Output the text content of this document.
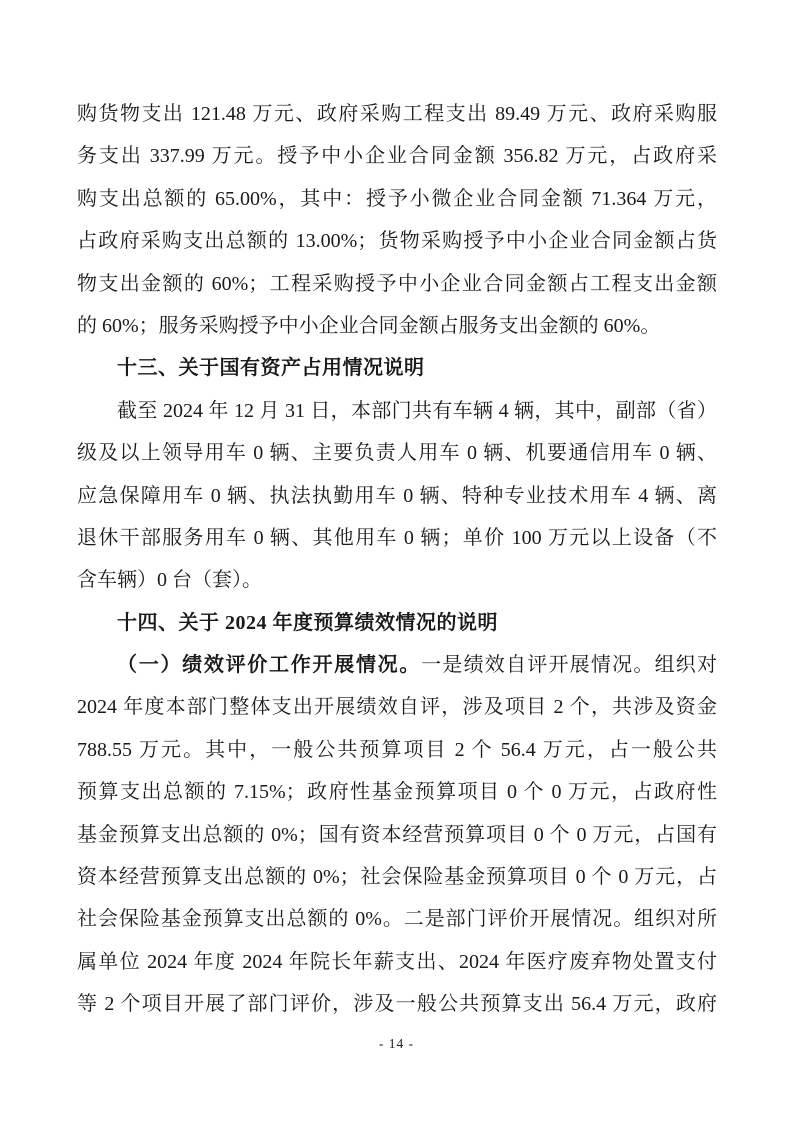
购货物支出 121.48 万元、政府采购工程支出 89.49 万元、政府采购服
务支出 337.99 万元。授予中小企业合同金额 356.82 万元，占政府采
购支出总额的 65.00%，其中：授予小微企业合同金额 71.364 万元，
占政府采购支出总额的 13.00%；货物采购授予中小企业合同金额占货
物支出金额的 60%；工程采购授予中小企业合同金额占工程支出金额
的 60%；服务采购授予中小企业合同金额占服务支出金额的 60%。
十三、关于国有资产占用情况说明
截至 2024 年 12 月 31 日，本部门共有车辆 4 辆，其中，副部（省）
级及以上领导用车 0 辆、主要负责人用车 0 辆、机要通信用车 0 辆、
应急保障用车 0 辆、执法执勤用车 0 辆、特种专业技术用车 4 辆、离
退休干部服务用车 0 辆、其他用车 0 辆；单价 100 万元以上设备（不
含车辆）0 台（套）。
十四、关于 2024 年度预算绩效情况的说明
（一）绩效评价工作开展情况。一是绩效自评开展情况。组织对
2024 年度本部门整体支出开展绩效自评，涉及项目 2 个，共涉及资金
788.55 万元。其中，一般公共预算项目 2 个 56.4 万元，占一般公共
预算支出总额的 7.15%；政府性基金预算项目 0 个 0 万元，占政府性
基金预算支出总额的 0%；国有资本经营预算项目 0 个 0 万元，占国有
资本经营预算支出总额的 0%；社会保险基金预算项目 0 个 0 万元，占
社会保险基金预算支出总额的 0%。二是部门评价开展情况。组织对所
属单位 2024 年度 2024 年院长年薪支出、2024 年医疗废弃物处置支付
等 2 个项目开展了部门评价，涉及一般公共预算支出 56.4 万元，政府
- 14 -
